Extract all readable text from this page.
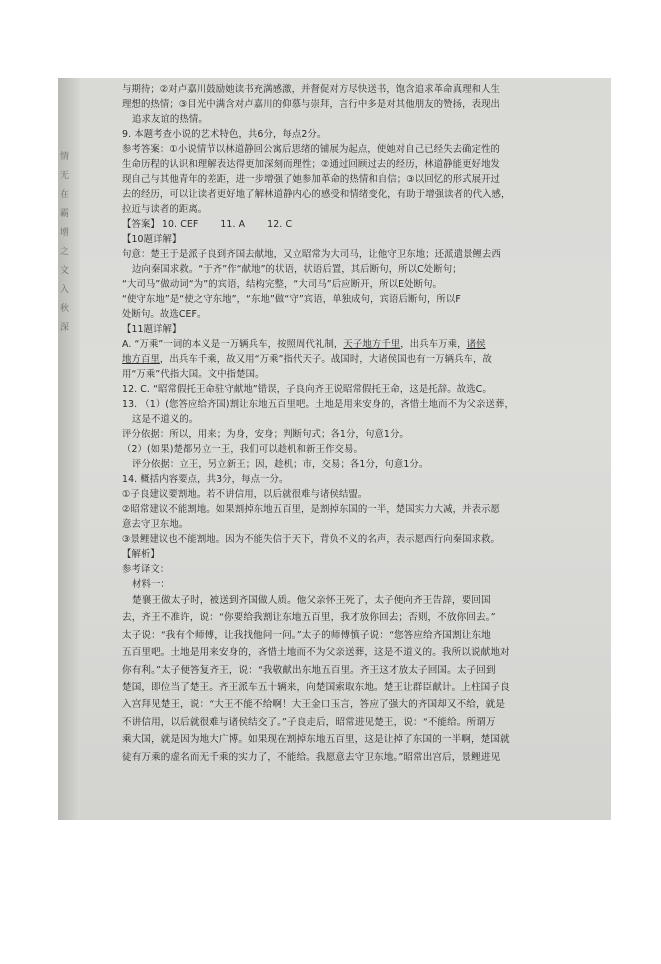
情无在霸增之文入秋深

与期待；②对卢嘉川鼓励她读书充满感激，并督促对方尽快送书，饱含追求革命真理和人生

理想的热情；③目光中满含对卢嘉川的仰慕与崇拜，言行中多是对其他朋友的赞扬，表现出

追求友谊的热情。

9. 本题考查小说的艺术特色，共6分，每点2分。

参考答案：①小说情节以林道静回公寓后思绪的铺展为起点，使她对自己已经失去确定性的

生命历程的认识和理解表达得更加深刻而理性；②通过回顾过去的经历，林道静能更好地发

现自己与其他青年的差距，进一步增强了她参加革命的热情和自信；③以回忆的形式展开过

去的经历，可以让读者更好地了解林道静内心的感受和情绪变化，有助于增强读者的代入感，

拉近与读者的距离。

【答案】 10. CEF 11. A 12. C

【10题详解】

句意：楚王于是派子良到齐国去献地，又立昭常为大司马，让他守卫东地；还派遣景鲤去西

边向秦国求救。“于齐”作“献地”的状语，状语后置，其后断句，所以C处断句；

“大司马”做动词“为”的宾语，结构完整，“大司马”后应断开，所以E处断句。

“使守东地”是“使之守东地”，“东地”做“守”宾语，单独成句，宾语后断句，所以F

处断句。故选CEF。

【11题详解】

A. “万乘”一词的本义是一万辆兵车，按照周代礼制，天子地方千里，出兵车万乘，诸侯

地方百里，出兵车千乘，故又用“万乘”指代天子。战国时，大诸侯国也有一万辆兵车，故

用“万乘”代指大国。文中指楚国。

12. C. “昭常假托王命驻守献地”错误，子良向齐王说昭常假托王命，这是托辞。故选C。

13. （1）(您答应给齐国)割让东地五百里吧。土地是用来安身的，吝惜土地而不为父亲送葬，

这是不道义的。

评分依据：所以，用来；为身，安身；判断句式；各1分，句意1分。

（2）(如果)楚都另立一王，我们可以趁机和新王作交易。

评分依据：立王，另立新王；因，趁机；市，交易；各1分，句意1分。

14. 概括内容要点，共3分，每点一分。

①子良建议要割地。若不讲信用，以后就很难与诸侯结盟。

②昭常建议不能割地。如果割掉东地五百里，是割掉东国的一半，楚国实力大减，并表示愿

意去守卫东地。

③景鲤建议也不能割地。因为不能失信于天下，背负不义的名声，表示愿西行向秦国求救。

【解析】

参考译文：

材料一：

楚襄王做太子时，被送到齐国做人质。他父亲怀王死了，太子便向齐王告辞，要回国

去，齐王不准许，说：“你要给我割让东地五百里，我才放你回去；否则，不放你回去。”

太子说：“我有个师傅，让我找他问一问。”太子的师傅慎子说：“您答应给齐国割让东地

五百里吧。土地是用来安身的，吝惜土地而不为父亲送葬，这是不道义的。我所以说献地对

你有利。”太子便答复齐王，说：“我敬献出东地五百里。齐王这才放太子回国。太子回到

楚国，即位当了楚王。齐王派车五十辆来，向楚国索取东地。楚王让群臣献计。上柱国子良

入宫拜见楚王，说：“大王不能不给啊！大王金口玉言，答应了强大的齐国却又不给，就是

不讲信用，以后就很难与诸侯结交了。”子良走后，昭常进见楚王，说：“不能给。所谓万

乘大国，就是因为地大广博。如果现在割掉东地五百里，这是让掉了东国的一半啊，楚国就

徒有万乘的虚名而无千乘的实力了，不能给。我愿意去守卫东地。”昭常出宫后，景鲤进见
